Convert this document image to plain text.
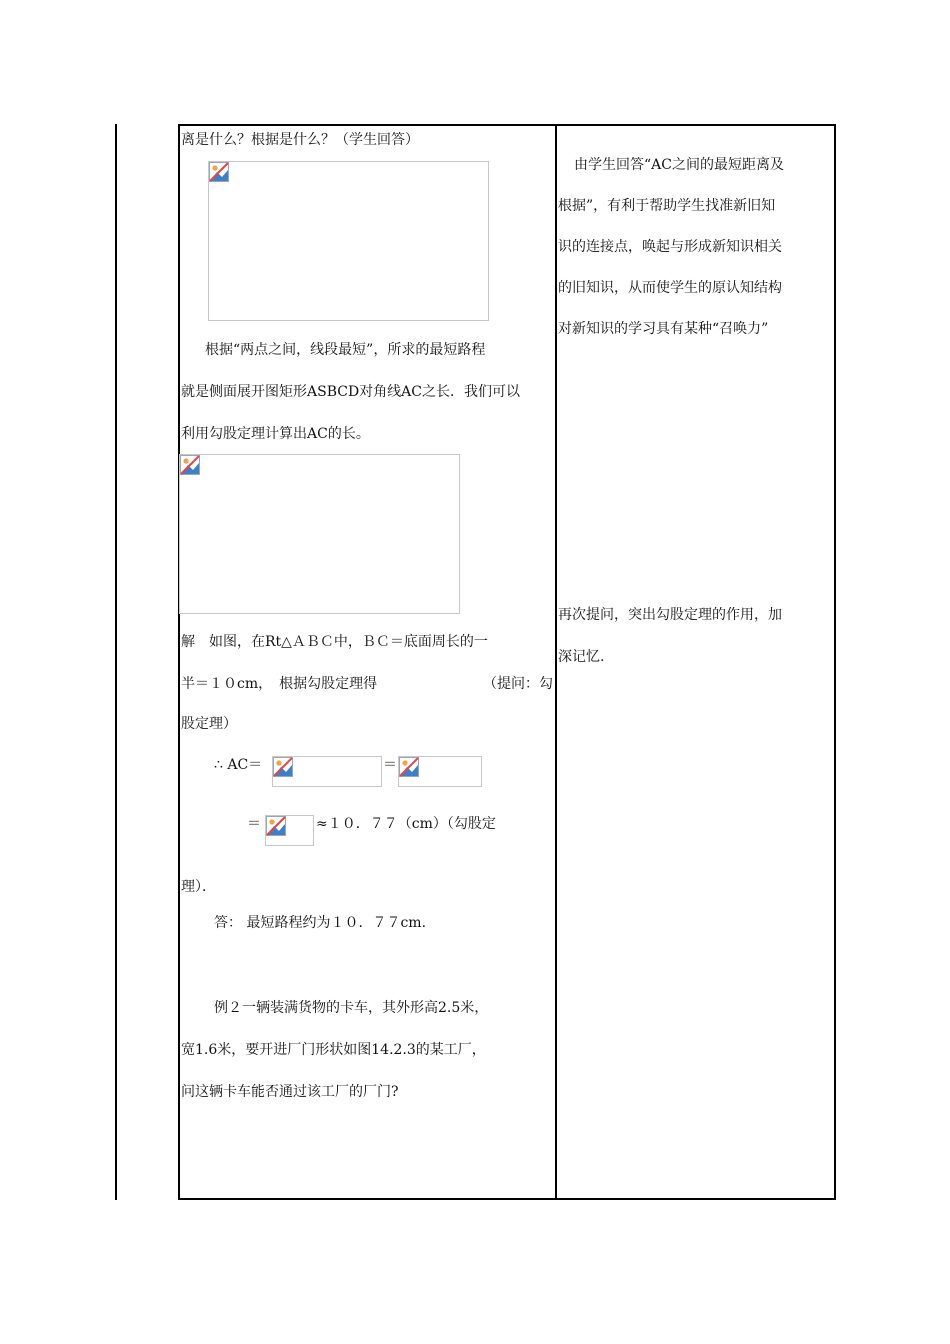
离是什么？根据是什么？（学生回答）
根据“两点之间，线段最短”，所求的最短路程
就是侧面展开图矩形ASBCD对角线AC之长．我们可以
利用勾股定理计算出AC的长。
解　如图，在Rt△ＡＢＣ中，ＢＣ＝底面周长的一
半＝１０cm，　根据勾股定理得	（提问：勾
股定理）
∴ AC＝	＝
＝	≈１０．７７（cm）（勾股定
理）．
答： 最短路程约为１０．７７cm.
例２一辆装满货物的卡车，其外形高2.5米，
宽1.6米，要开进厂门形状如图14.2.3的某工厂，
问这辆卡车能否通过该工厂的厂门?
由学生回答“AC之间的最短距离及
根据”，有利于帮助学生找准新旧知
识的连接点，唤起与形成新知识相关
的旧知识，从而使学生的原认知结构
对新知识的学习具有某种“召唤力”
再次提问，突出勾股定理的作用，加
深记忆.
